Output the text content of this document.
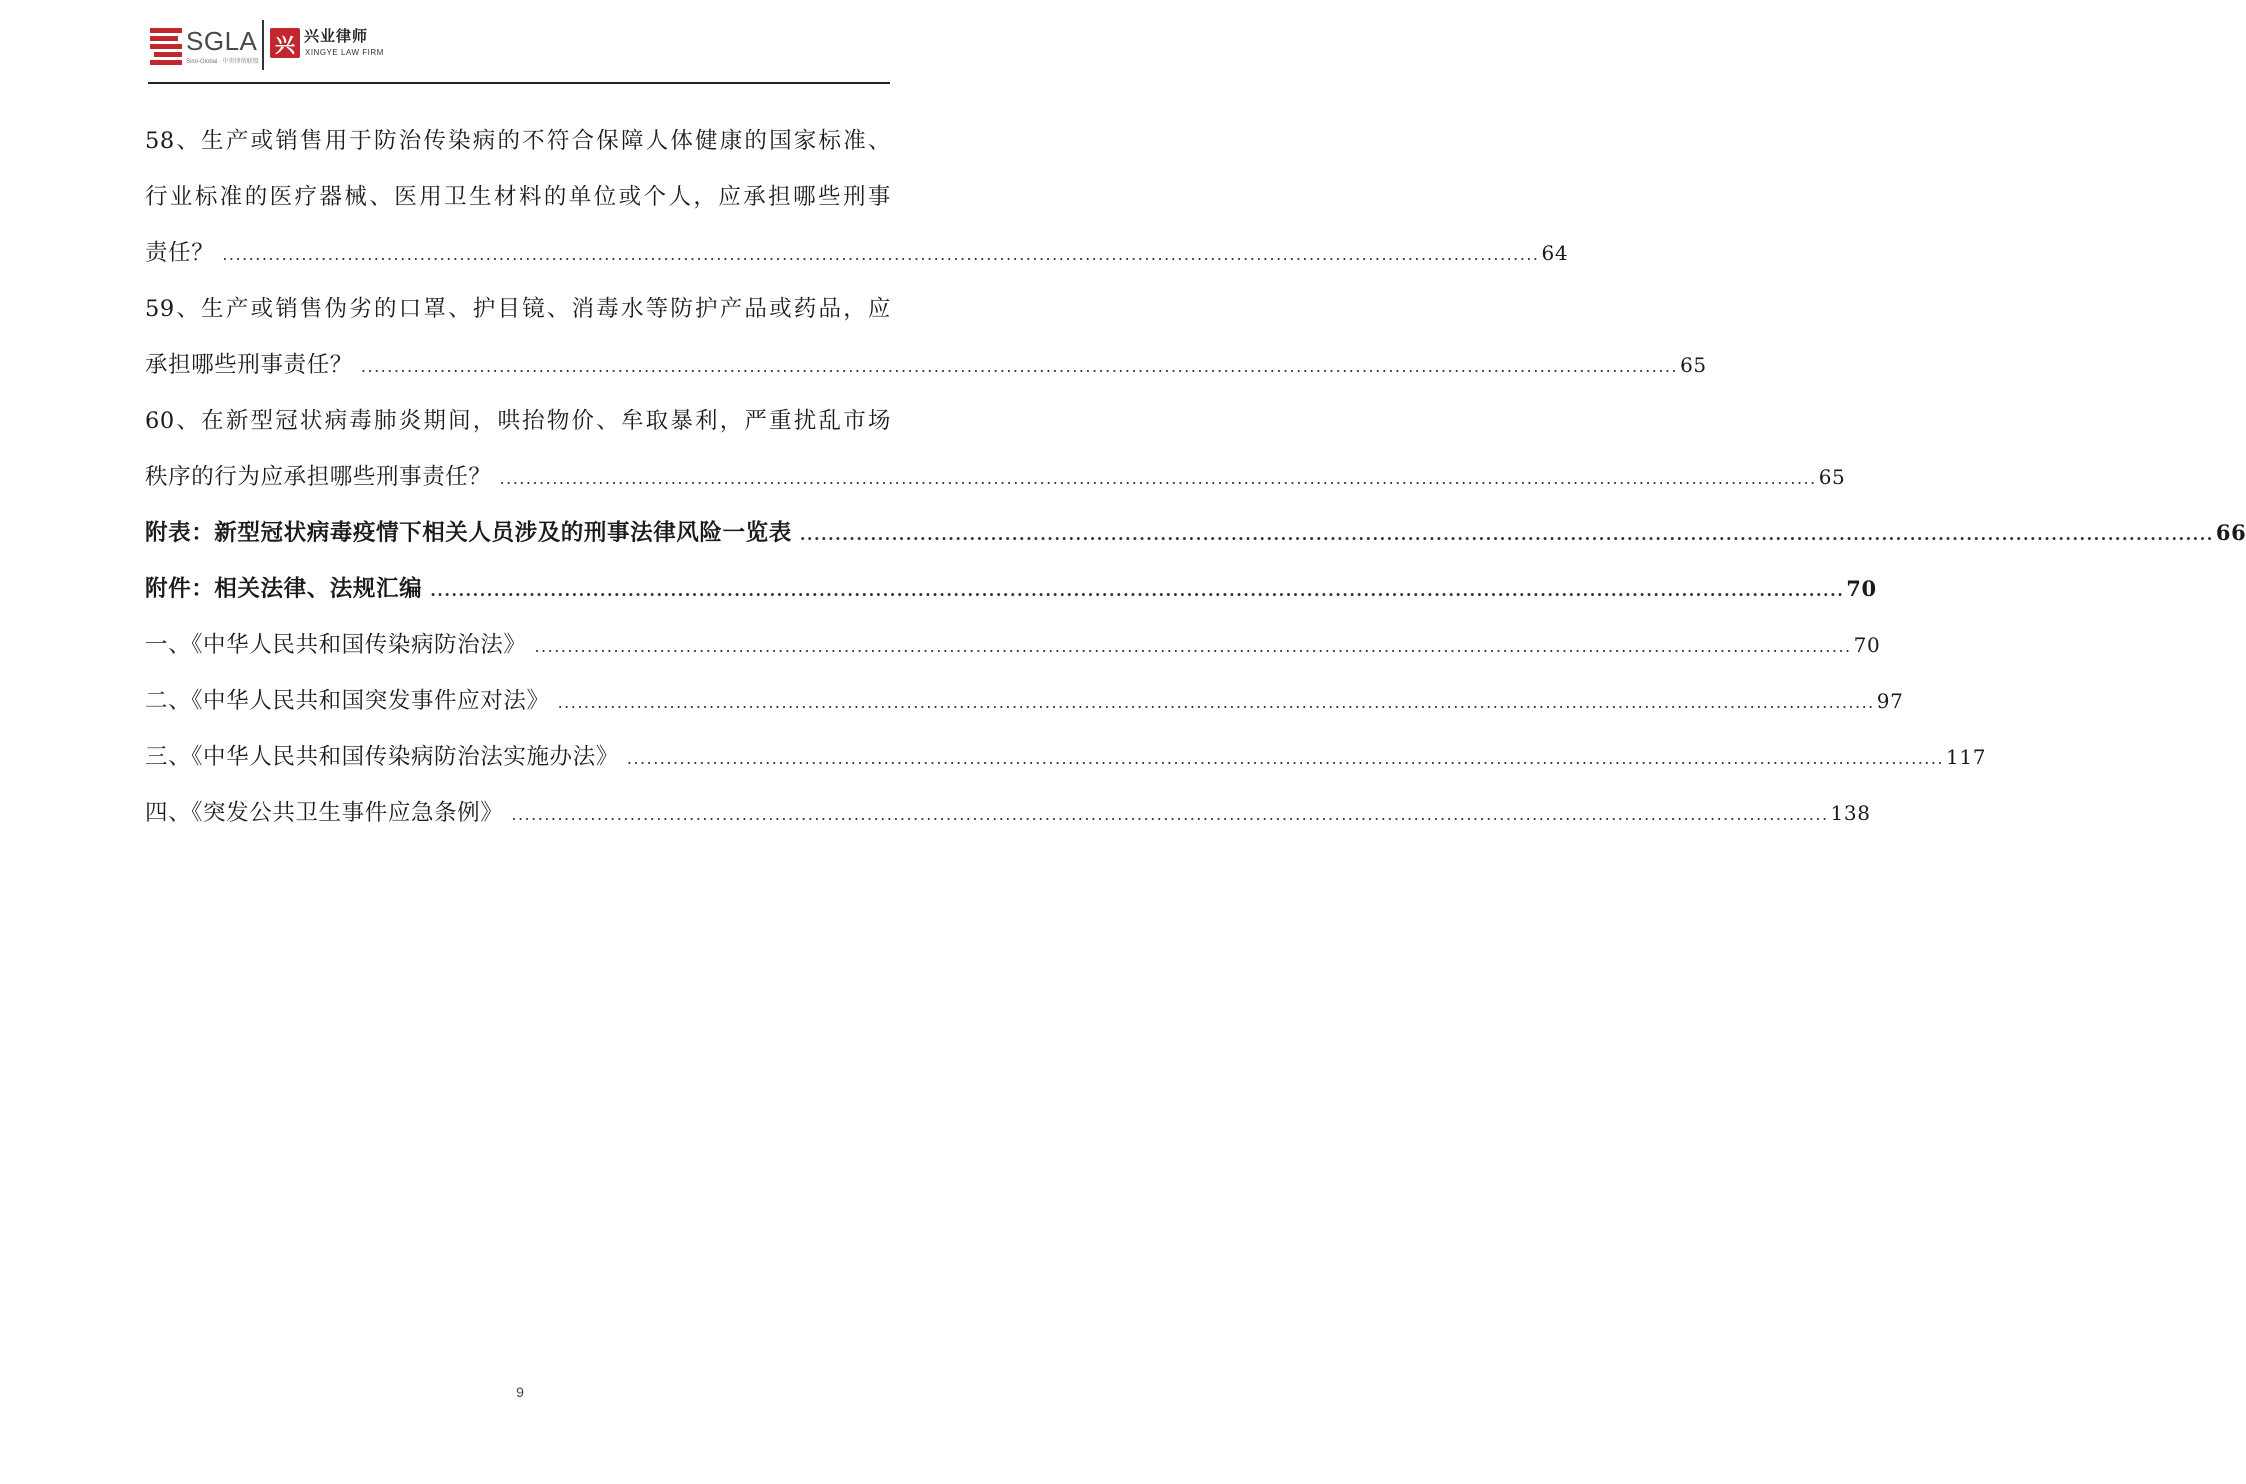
SGLA
Sino-Global · 中世律所联盟
兴 兴业律师
XINGYE LAW FIRM
58、生产或销售用于防治传染病的不符合保障人体健康的国家标准、
行业标准的医疗器械、医用卫生材料的单位或个人，应承担哪些刑事
责任？ ........................................................................................................................................................................................................ 64
59、生产或销售伪劣的口罩、护目镜、消毒水等防护产品或药品，应
承担哪些刑事责任？ ........................................................................................................................................................................................................ 65
60、在新型冠状病毒肺炎期间，哄抬物价、牟取暴利，严重扰乱市场
秩序的行为应承担哪些刑事责任？ ........................................................................................................................................................................................................ 65
附表：新型冠状病毒疫情下相关人员涉及的刑事法律风险一览表 ........................................................................................................................................................................................................ 66
附件：相关法律、法规汇编 ........................................................................................................................................................................................................ 70
一、《中华人民共和国传染病防治法》 ........................................................................................................................................................................................................ 70
二、《中华人民共和国突发事件应对法》 ........................................................................................................................................................................................................ 97
三、《中华人民共和国传染病防治法实施办法》 ........................................................................................................................................................................................................ 117
四、《突发公共卫生事件应急条例》 ........................................................................................................................................................................................................ 138
9
